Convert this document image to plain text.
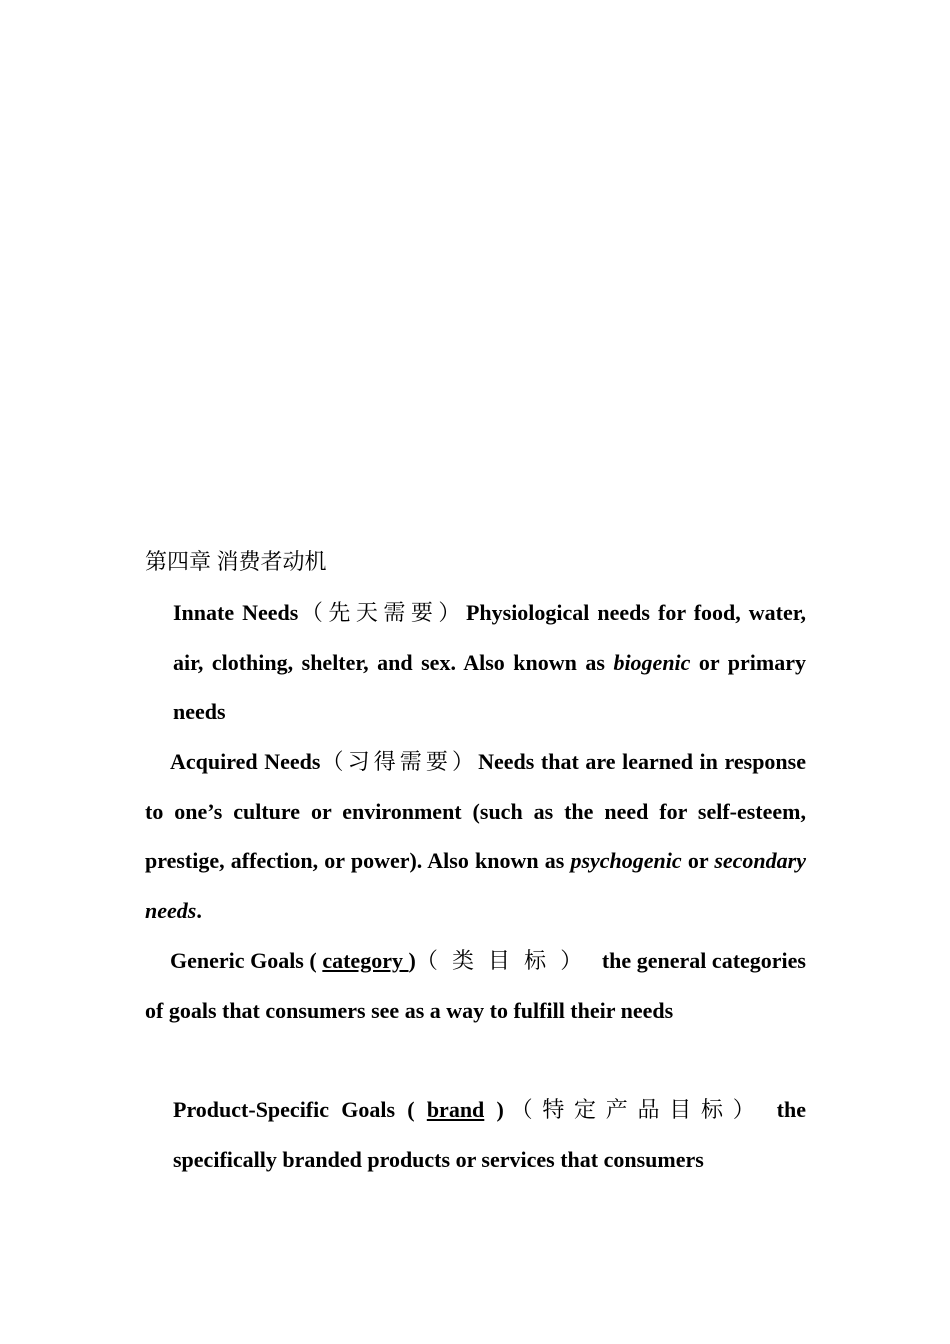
第四章 消费者动机

Innate Needs（先天需要）Physiological needs for food, water, air, clothing, shelter, and sex. Also known as biogenic or primary needs

Acquired Needs（习得需要）Needs that are learned in response to one’s culture or environment (such as the need for self-esteem, prestige, affection, or power). Also known as psychogenic or secondary needs.

Generic Goals ( category )（类目标） the general categories of goals that consumers see as a way to fulfill their needs

Product-Specific Goals ( brand )（特定产品目标） the specifically branded products or services that consumers
